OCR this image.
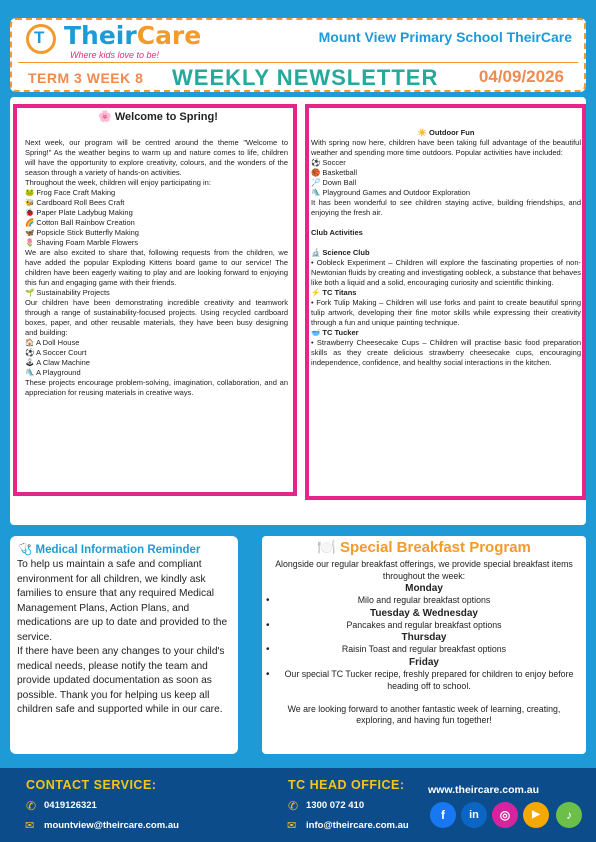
T TheirCare
Where kids love to be!
Mount View Primary School TheirCare
TERM 3 WEEK 8 WEEKLY NEWSLETTER 04/09/2026
🌸 Welcome to Spring!

Next week, our program will be centred around the theme "Welcome to Spring!" As the weather begins to warm up and nature comes to life, children will have the opportunity to explore creativity, colours, and the wonders of the season through a variety of hands-on activities.

Throughout the week, children will enjoy participating in:

🐸 Frog Face Craft Making

🐝 Cardboard Roll Bees Craft

🐞 Paper Plate Ladybug Making

🌈 Cotton Ball Rainbow Creation

🦋 Popsicle Stick Butterfly Making

🌷 Shaving Foam Marble Flowers

We are also excited to share that, following requests from the children, we have added the popular Exploding Kittens board game to our service! The children have been eagerly waiting to play and are looking forward to enjoying this fun and engaging game with their friends.

🌱 Sustainability Projects

Our children have been demonstrating incredible creativity and teamwork through a range of sustainability-focused projects. Using recycled cardboard boxes, paper, and other reusable materials, they have been busy designing and building:

🏠 A Doll House

⚽ A Soccer Court

🕹 A Claw Machine

🛝 A Playground

These projects encourage problem-solving, imagination, collaboration, and an appreciation for reusing materials in creative ways.

☀️ Outdoor Fun

With spring now here, children have been taking full advantage of the beautiful weather and spending more time outdoors. Popular activities have included:

⚽ Soccer

🏀 Basketball

🏸 Down Ball

🛝 Playground Games and Outdoor Exploration

It has been wonderful to see children staying active, building friendships, and enjoying the fresh air.

Club Activities

🔬 Science Club

• Oobleck Experiment – Children will explore the fascinating properties of non-Newtonian fluids by creating and investigating oobleck, a substance that behaves like both a liquid and a solid, encouraging curiosity and scientific thinking.

⚡ TC Titans

• Fork Tulip Making – Children will use forks and paint to create beautiful spring tulip artwork, developing their fine motor skills while expressing their creativity through a fun and unique painting technique.

🥣 TC Tucker

• Strawberry Cheesecake Cups – Children will practise basic food preparation skills as they create delicious strawberry cheesecake cups, encouraging independence, confidence, and healthy social interactions in the kitchen.

🩺 Medical Information Reminder

To help us maintain a safe and compliant environment for all children, we kindly ask families to ensure that any required Medical Management Plans, Action Plans, and medications are up to date and provided to the service.

If there have been any changes to your child's medical needs, please notify the team and provide updated documentation as soon as possible. Thank you for helping us keep all children safe and supported while in our care.

🍽️ Special Breakfast Program

Alongside our regular breakfast offerings, we provide special breakfast items throughout the week:

Monday

• Milo and regular breakfast options

Tuesday & Wednesday

• Pancakes and regular breakfast options

Thursday

• Raisin Toast and regular breakfast options

Friday

• Our special TC Tucker recipe, freshly prepared for children to enjoy before heading off to school.

We are looking forward to another fantastic week of learning, creating, exploring, and having fun together!

CONTACT SERVICE:
✆ 0419126321
✉ mountview@theircare.com.au
TC HEAD OFFICE:
✆ 1300 072 410
✉ info@theircare.com.au
www.theircare.com.au
f	in	◎	▶	♪
